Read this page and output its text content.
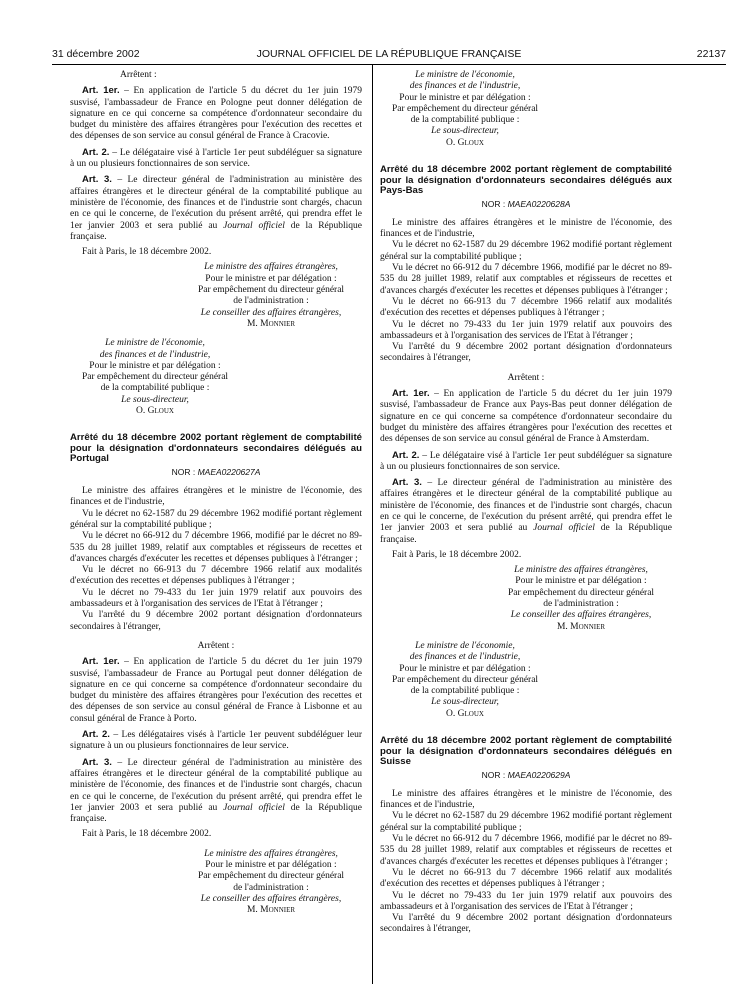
31 décembre 2002	JOURNAL OFFICIEL DE LA RÉPUBLIQUE FRANÇAISE	22137

Arrêtent :

Art. 1er. – En application de l'article 5 du décret du 1er juin 1979 susvisé, l'ambassadeur de France en Pologne peut donner délégation de signature en ce qui concerne sa compétence d'ordonnateur secondaire du budget du ministère des affaires étrangères pour l'exécution des recettes et des dépenses de son service au consul général de France à Cracovie.

Art. 2. – Le délégataire visé à l'article 1er peut subdéléguer sa signature à un ou plusieurs fonctionnaires de son service.

Art. 3. – Le directeur général de l'administration au ministère des affaires étrangères et le directeur général de la comptabilité publique au ministère de l'économie, des finances et de l'industrie sont chargés, chacun en ce qui le concerne, de l'exécution du présent arrêté, qui prendra effet le 1er janvier 2003 et sera publié au Journal officiel de la République française.

Fait à Paris, le 18 décembre 2002.

Le ministre des affaires étrangères,
Pour le ministre et par délégation :
Par empêchement du directeur général
de l'administration :
Le conseiller des affaires étrangères,
M. Monnier
Le ministre de l'économie,
des finances et de l'industrie,
Pour le ministre et par délégation :
Par empêchement du directeur général
de la comptabilité publique :
Le sous-directeur,
O. Gloux

Arrêté du 18 décembre 2002 portant règlement de comptabilité pour la désignation d'ordonnateurs secondaires délégués au Portugal

NOR : MAEA0220627A

Le ministre des affaires étrangères et le ministre de l'économie, des finances et de l'industrie,

Vu le décret no 62-1587 du 29 décembre 1962 modifié portant règlement général sur la comptabilité publique ;

Vu le décret no 66-912 du 7 décembre 1966, modifié par le décret no 89-535 du 28 juillet 1989, relatif aux comptables et régisseurs de recettes et d'avances chargés d'exécuter les recettes et dépenses publiques à l'étranger ;

Vu le décret no 66-913 du 7 décembre 1966 relatif aux modalités d'exécution des recettes et dépenses publiques à l'étranger ;

Vu le décret no 79-433 du 1er juin 1979 relatif aux pouvoirs des ambassadeurs et à l'organisation des services de l'Etat à l'étranger ;

Vu l'arrêté du 9 décembre 2002 portant désignation d'ordonnateurs secondaires à l'étranger,

Arrêtent :

Art. 1er. – En application de l'article 5 du décret du 1er juin 1979 susvisé, l'ambassadeur de France au Portugal peut donner délégation de signature en ce qui concerne sa compétence d'ordonnateur secondaire du budget du ministère des affaires étrangères pour l'exécution des recettes et des dépenses de son service au consul général de France à Lisbonne et au consul général de France à Porto.

Art. 2. – Les délégataires visés à l'article 1er peuvent subdéléguer leur signature à un ou plusieurs fonctionnaires de leur service.

Art. 3. – Le directeur général de l'administration au ministère des affaires étrangères et le directeur général de la comptabilité publique au ministère de l'économie, des finances et de l'industrie sont chargés, chacun en ce qui le concerne, de l'exécution du présent arrêté, qui prendra effet le 1er janvier 2003 et sera publié au Journal officiel de la République française.

Fait à Paris, le 18 décembre 2002.

Le ministre des affaires étrangères,
Pour le ministre et par délégation :
Par empêchement du directeur général
de l'administration :
Le conseiller des affaires étrangères,
M. Monnier
Le ministre de l'économie,
des finances et de l'industrie,
Pour le ministre et par délégation :
Par empêchement du directeur général
de la comptabilité publique :
Le sous-directeur,
O. Gloux

Arrêté du 18 décembre 2002 portant règlement de comptabilité pour la désignation d'ordonnateurs secondaires délégués aux Pays-Bas

NOR : MAEA0220628A

Le ministre des affaires étrangères et le ministre de l'économie, des finances et de l'industrie,

Vu le décret no 62-1587 du 29 décembre 1962 modifié portant règlement général sur la comptabilité publique ;

Vu le décret no 66-912 du 7 décembre 1966, modifié par le décret no 89-535 du 28 juillet 1989, relatif aux comptables et régisseurs de recettes et d'avances chargés d'exécuter les recettes et dépenses publiques à l'étranger ;

Vu le décret no 66-913 du 7 décembre 1966 relatif aux modalités d'exécution des recettes et dépenses publiques à l'étranger ;

Vu le décret no 79-433 du 1er juin 1979 relatif aux pouvoirs des ambassadeurs et à l'organisation des services de l'Etat à l'étranger ;

Vu l'arrêté du 9 décembre 2002 portant désignation d'ordonnateurs secondaires à l'étranger,

Arrêtent :

Art. 1er. – En application de l'article 5 du décret du 1er juin 1979 susvisé, l'ambassadeur de France aux Pays-Bas peut donner délégation de signature en ce qui concerne sa compétence d'ordonnateur secondaire du budget du ministère des affaires étrangères pour l'exécution des recettes et des dépenses de son service au consul général de France à Amsterdam.

Art. 2. – Le délégataire visé à l'article 1er peut subdéléguer sa signature à un ou plusieurs fonctionnaires de son service.

Art. 3. – Le directeur général de l'administration au ministère des affaires étrangères et le directeur général de la comptabilité publique au ministère de l'économie, des finances et de l'industrie sont chargés, chacun en ce qui le concerne, de l'exécution du présent arrêté, qui prendra effet le 1er janvier 2003 et sera publié au Journal officiel de la République française.

Fait à Paris, le 18 décembre 2002.

Le ministre des affaires étrangères,
Pour le ministre et par délégation :
Par empêchement du directeur général
de l'administration :
Le conseiller des affaires étrangères,
M. Monnier
Le ministre de l'économie,
des finances et de l'industrie,
Pour le ministre et par délégation :
Par empêchement du directeur général
de la comptabilité publique :
Le sous-directeur,
O. Gloux

Arrêté du 18 décembre 2002 portant règlement de comptabilité pour la désignation d'ordonnateurs secondaires délégués en Suisse

NOR : MAEA0220629A

Le ministre des affaires étrangères et le ministre de l'économie, des finances et de l'industrie,

Vu le décret no 62-1587 du 29 décembre 1962 modifié portant règlement général sur la comptabilité publique ;

Vu le décret no 66-912 du 7 décembre 1966, modifié par le décret no 89-535 du 28 juillet 1989, relatif aux comptables et régisseurs de recettes et d'avances chargés d'exécuter les recettes et dépenses publiques à l'étranger ;

Vu le décret no 66-913 du 7 décembre 1966 relatif aux modalités d'exécution des recettes et dépenses publiques à l'étranger ;

Vu le décret no 79-433 du 1er juin 1979 relatif aux pouvoirs des ambassadeurs et à l'organisation des services de l'Etat à l'étranger ;

Vu l'arrêté du 9 décembre 2002 portant désignation d'ordonnateurs secondaires à l'étranger,
